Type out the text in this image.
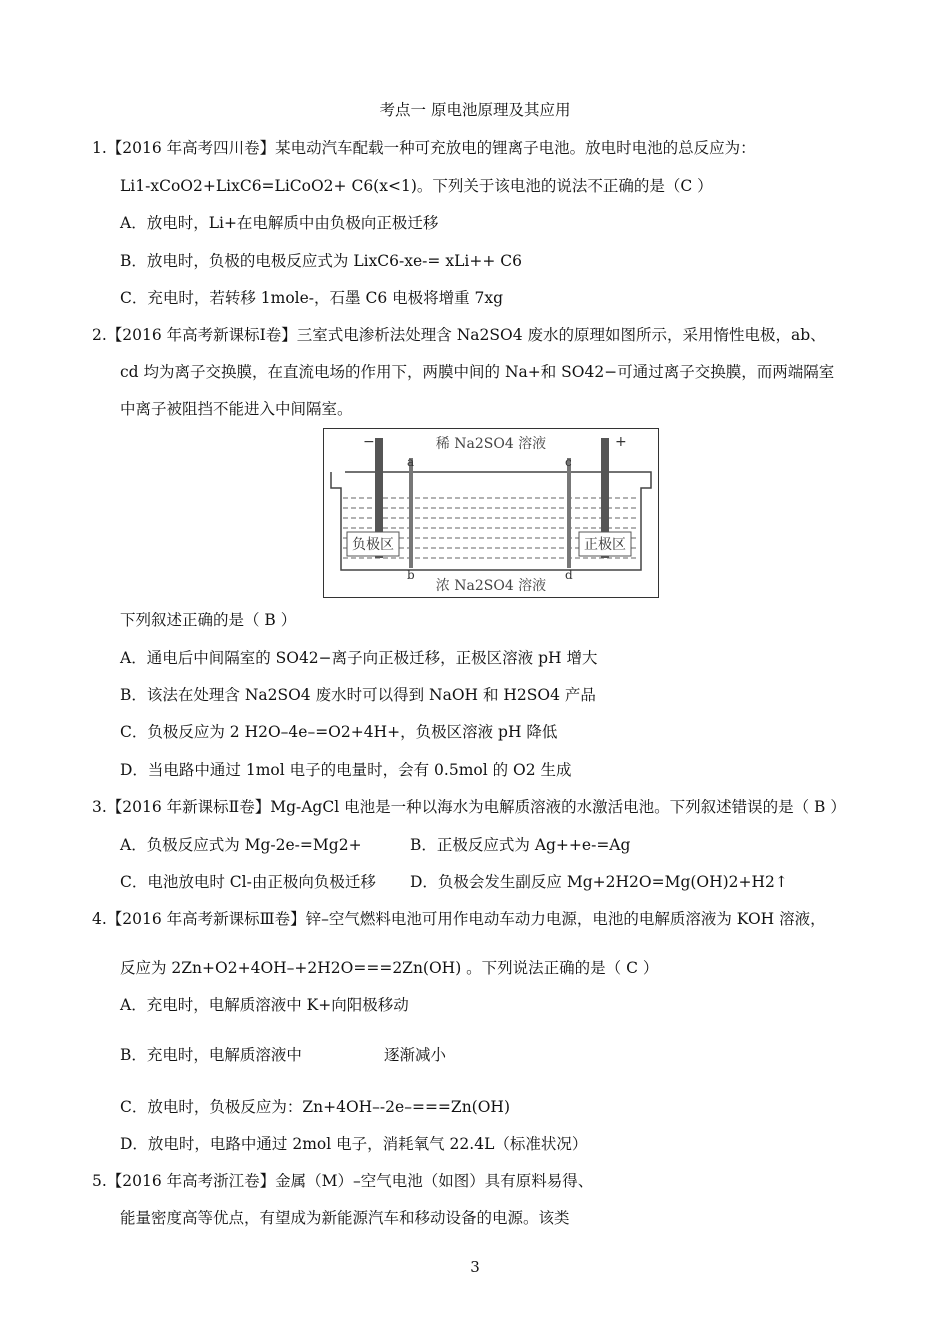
考点一 原电池原理及其应用
1.【2016 年高考四川卷】某电动汽车配载一种可充放电的锂离子电池。放电时电池的总反应为：
Li1-xCoO2+LixC6=LiCoO2+ C6(x<1)。下列关于该电池的说法不正确的是（C ）
A．放电时，Li+在电解质中由负极向正极迁移
B．放电时，负极的电极反应式为 LixC6-xe-= xLi++ C6
C．充电时，若转移 1mole-，石墨 C6 电极将增重 7xg
2.【2016 年高考新课标Ⅰ卷】三室式电渗析法处理含 Na2SO4 废水的原理如图所示，采用惰性电极，ab、
cd 均为离子交换膜，在直流电场的作用下，两膜中间的 Na+和 SO42−可通过离子交换膜，而两端隔室
中离子被阻挡不能进入中间隔室。
稀 Na2SO4 溶液
浓 Na2SO4 溶液
负极区	正极区
−	+
a
b
c
d
下列叙述正确的是（ B ）
A．通电后中间隔室的 SO42−离子向正极迁移，正极区溶液 pH 增大
B．该法在处理含 Na2SO4 废水时可以得到 NaOH 和 H2SO4 产品
C．负极反应为 2 H2O–4e–=O2+4H+，负极区溶液 pH 降低
D．当电路中通过 1mol 电子的电量时，会有 0.5mol 的 O2 生成
3.【2016 年新课标Ⅱ卷】Mg-AgCl 电池是一种以海水为电解质溶液的水激活电池。下列叙述错误的是（ B ）
A．负极反应式为 Mg-2e-=Mg2+	B．正极反应式为 Ag++e-=Ag
C．电池放电时 Cl-由正极向负极迁移 D．负极会发生副反应 Mg+2H2O=Mg(OH)2+H2↑
4.【2016 年高考新课标Ⅲ卷】锌–空气燃料电池可用作电动车动力电源，电池的电解质溶液为 KOH 溶液，
反应为 2Zn+O2+4OH–+2H2O===2Zn(OH) 。下列说法正确的是（ C ）
A．充电时，电解质溶液中 K+向阳极移动
B．充电时，电解质溶液中	逐渐减小
C．放电时，负极反应为：Zn+4OH–-2e–===Zn(OH)
D．放电时，电路中通过 2mol 电子，消耗氧气 22.4L（标准状况）
5.【2016 年高考浙江卷】金属（M）–空气电池（如图）具有原料易得、
能量密度高等优点，有望成为新能源汽车和移动设备的电源。该类
3
